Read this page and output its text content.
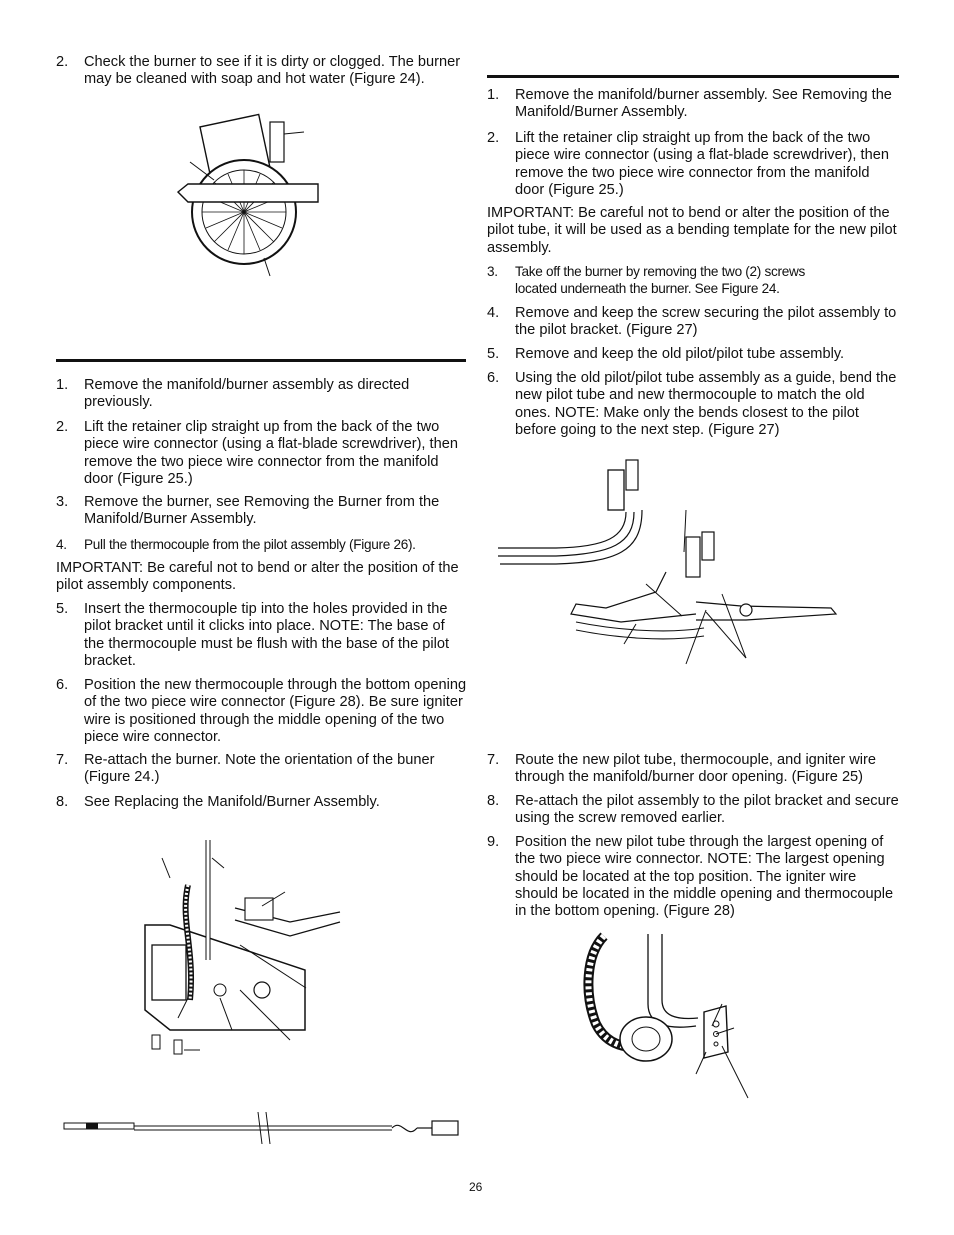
2. Check the burner to see if it is dirty or clogged. The burner may be cleaned with soap and hot water (Figure 24).
1. Remove the manifold/burner assembly as directed previously.
2. Lift the retainer clip straight up from the back of the two piece wire connector (using a flat-blade screwdriver), then remove the two piece wire connector from the manifold door (Figure 25.)
3. Remove the burner, see Removing the Burner from the Manifold/Burner Assembly.
4. Pull the thermocouple from the pilot assembly (Figure 26).
IMPORTANT: Be careful not to bend or alter the position of the pilot assembly components.
5. Insert the thermocouple tip into the holes provided in the pilot bracket until it clicks into place. NOTE: The base of the thermocouple must be flush with the base of the pilot bracket.
6. Position the new thermocouple through the bottom opening of the two piece wire connector (Figure 28). Be sure igniter wire is positioned through the middle opening of the two piece wire connector.
7. Re-attach the burner. Note the orientation of the buner (Figure 24.)
8. See Replacing the Manifold/Burner Assembly.
1. Remove the manifold/burner assembly. See Removing the Manifold/Burner Assembly.
2. Lift the retainer clip straight up from the back of the two piece wire connector (using a flat-blade screwdriver), then remove the two piece wire connector from the manifold door (Figure 25.)
IMPORTANT: Be careful not to bend or alter the position of the pilot tube, it will be used as a bending template for the new pilot assembly.
3. Take off the burner by removing the two (2) screws located underneath the burner. See Figure 24.
4. Remove and keep the screw securing the pilot assembly to the pilot bracket. (Figure 27)
5. Remove and keep the old pilot/pilot tube assembly.
6. Using the old pilot/pilot tube assembly as a guide, bend the new pilot tube and new thermocouple to match the old ones. NOTE: Make only the bends closest to the pilot before going to the next step. (Figure 27)
7. Route the new pilot tube, thermocouple, and igniter wire through the manifold/burner door opening. (Figure 25)
8. Re-attach the pilot assembly to the pilot bracket and secure using the screw removed earlier.
9. Position the new pilot tube through the largest opening of the two piece wire connector. NOTE: The largest opening should be located at the top position. The igniter wire should be located in the middle opening and thermocouple in the bottom opening. (Figure 28)
26
